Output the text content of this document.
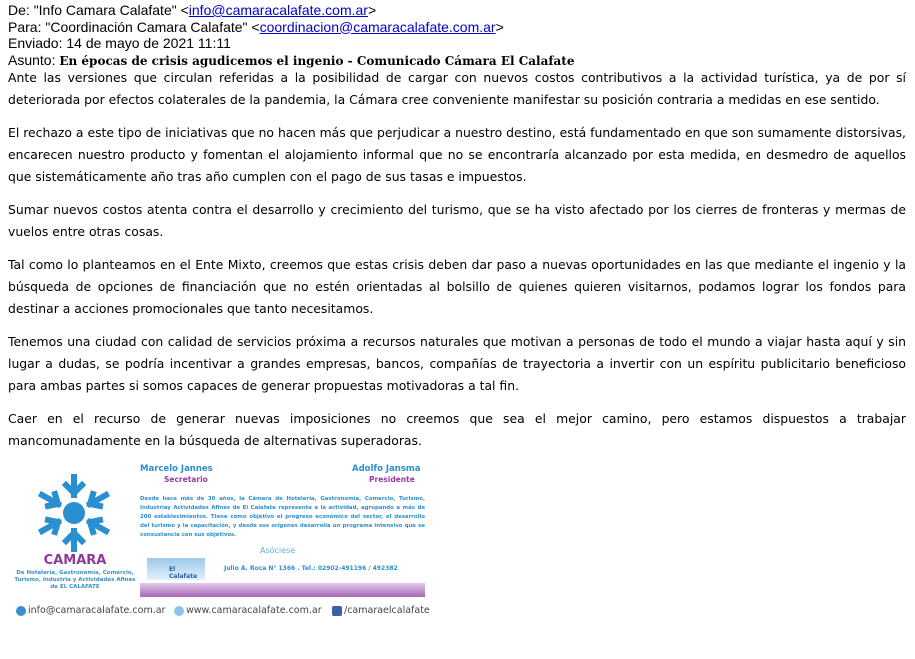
De: "Info Camara Calafate" <info@camaracalafate.com.ar>
Para: "Coordinación Camara Calafate" <coordinacion@camaracalafate.com.ar>
Enviado: 14 de mayo de 2021 11:11
Asunto: En épocas de crisis agudicemos el ingenio - Comunicado Cámara El Calafate

Ante las versiones que circulan referidas a la posibilidad de cargar con nuevos costos contributivos a la actividad turística, ya de por sí deteriorada por efectos colaterales de la pandemia, la Cámara cree conveniente manifestar su posición contraria a medidas en ese sentido.

El rechazo a este tipo de iniciativas que no hacen más que perjudicar a nuestro destino, está fundamentado en que son sumamente distorsivas, encarecen nuestro producto y fomentan el alojamiento informal que no se encontraría alcanzado por esta medida, en desmedro de aquellos que sistemáticamente año tras año cumplen con el pago de sus tasas e impuestos.

Sumar nuevos costos atenta contra el desarrollo y crecimiento del turismo, que se ha visto afectado por los cierres de fronteras y mermas de vuelos entre otras cosas.

Tal como lo planteamos en el Ente Mixto, creemos que estas crisis deben dar paso a nuevas oportunidades en las que mediante el ingenio y la búsqueda de opciones de financiación que no estén orientadas al bolsillo de quienes quieren visitarnos, podamos lograr los fondos para destinar a acciones promocionales que tanto necesitamos.

Tenemos una ciudad con calidad de servicios próxima a recursos naturales que motivan a personas de todo el mundo a viajar hasta aquí y sin lugar a dudas, se podría incentivar a grandes empresas, bancos, compañías de trayectoria a invertir con un espíritu publicitario beneficioso para ambas partes si somos capaces de generar propuestas motivadoras a tal fin.

Caer en el recurso de generar nuevas imposiciones no creemos que sea el mejor camino, pero estamos dispuestos a trabajar mancomunadamente en la búsqueda de alternativas superadoras.

CAMARA
De Hotelería, Gastronomía, Comercio, Turismo, Industria y Actividades Afines de EL CALAFATE
Marcelo Jannes
Secretario
Adolfo Jansma
Presidente
Desde hace más de 30 años, la Cámara de Hotelería, Gastronomía, Comercio, Turismo, Industriay Actividades Afines de El Calafate representa a la actividad, agrupando a más de 200 establecimientos. Tiene como objetivo el progreso económico del sector, el desarrollo del turismo y la capacitación, y desde sus orígenes desarrolla un programa intensivo que se consustancia con sus objetivos.
Asóciese
El Calafate
Julio A. Roca N° 1366 . Tel.: 02902-491196 / 492382
info@camaracalafate.com.ar www.camaracalafate.com.ar /camaraelcalafate
